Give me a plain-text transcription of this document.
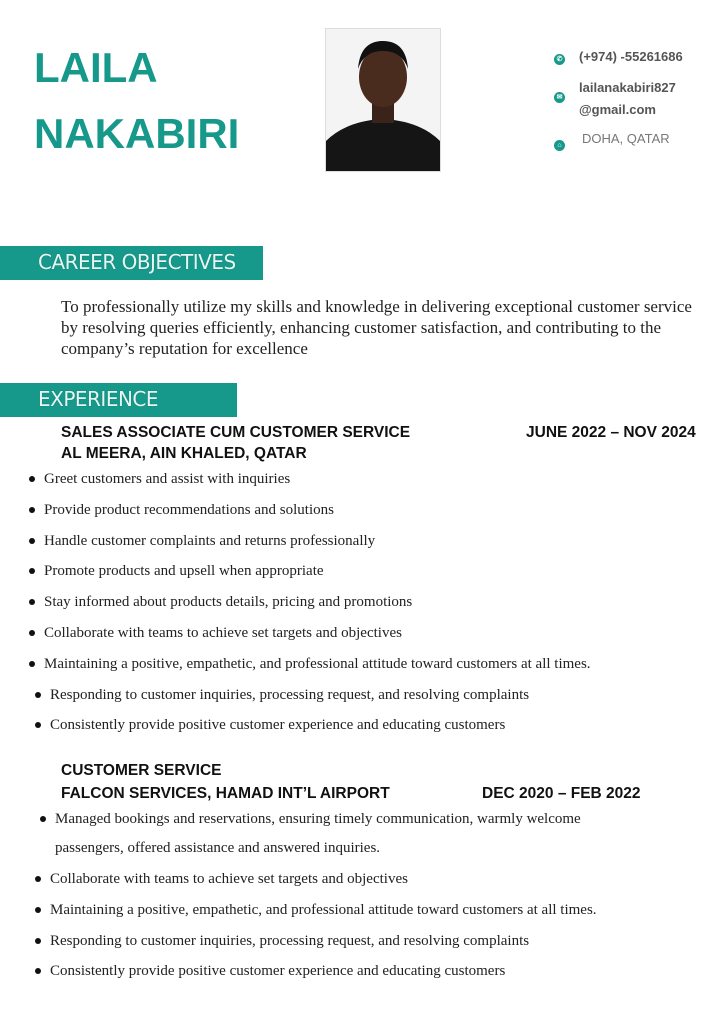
LAILA
NAKABIRI
✆ (+974) -55261686
✉
lailanakabiri827
@gmail.com
⌂ DOHA, QATAR
CAREER OBJECTIVES
To professionally utilize my skills and knowledge in delivering exceptional customer service by resolving queries efficiently, enhancing customer satisfaction, and contributing to the company’s reputation for excellence
EXPERIENCE
SALES ASSOCIATE CUM CUSTOMER SERVICE	JUNE 2022 – NOV 2024
AL MEERA, AIN KHALED, QATAR
Greet customers and assist with inquiries
Provide product recommendations and solutions
Handle customer complaints and returns professionally
Promote products and upsell when appropriate
Stay informed about products details, pricing and promotions
Collaborate with teams to achieve set targets and objectives
Maintaining a positive, empathetic, and professional attitude toward customers at all times.
Responding to customer inquiries, processing request, and resolving complaints
Consistently provide positive customer experience and educating customers
CUSTOMER SERVICE
FALCON SERVICES, HAMAD INT’L AIRPORT	DEC 2020 – FEB 2022
Managed bookings and reservations, ensuring timely communication, warmly welcome
passengers, offered assistance and answered inquiries.
Collaborate with teams to achieve set targets and objectives
Maintaining a positive, empathetic, and professional attitude toward customers at all times.
Responding to customer inquiries, processing request, and resolving complaints
Consistently provide positive customer experience and educating customers
